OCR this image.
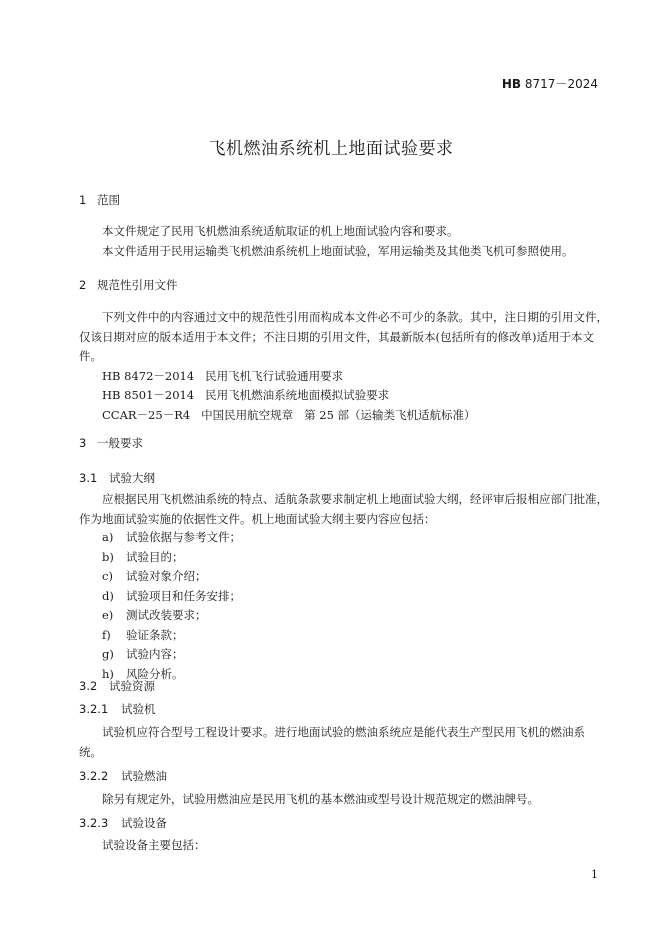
HB 8717－2024
飞机燃油系统机上地面试验要求
1 范围
本文件规定了民用飞机燃油系统适航取证的机上地面试验内容和要求。
本文件适用于民用运输类飞机燃油系统机上地面试验，军用运输类及其他类飞机可参照使用。
2 规范性引用文件
下列文件中的内容通过文中的规范性引用而构成本文件必不可少的条款。其中，注日期的引用文件，
仅该日期对应的版本适用于本文件；不注日期的引用文件，其最新版本(包括所有的修改单)适用于本文
件。
HB 8472－2014   民用飞机飞行试验通用要求
HB 8501－2014   民用飞机燃油系统地面模拟试验要求
CCAR－25－R4   中国民用航空规章   第 25 部（运输类飞机适航标准）
3 一般要求
3.1 试验大纲
应根据民用飞机燃油系统的特点、适航条款要求制定机上地面试验大纲，经评审后报相应部门批准，
作为地面试验实施的依据性文件。机上地面试验大纲主要内容应包括：
a) 试验依据与参考文件；
b) 试验目的；
c) 试验对象介绍；
d) 试验项目和任务安排；
e) 测试改装要求；
f) 验证条款；
g) 试验内容；
h) 风险分析。
3.2 试验资源
3.2.1 试验机
试验机应符合型号工程设计要求。进行地面试验的燃油系统应是能代表生产型民用飞机的燃油系
统。
3.2.2 试验燃油
除另有规定外，试验用燃油应是民用飞机的基本燃油或型号设计规范规定的燃油牌号。
3.2.3 试验设备
试验设备主要包括：
1
